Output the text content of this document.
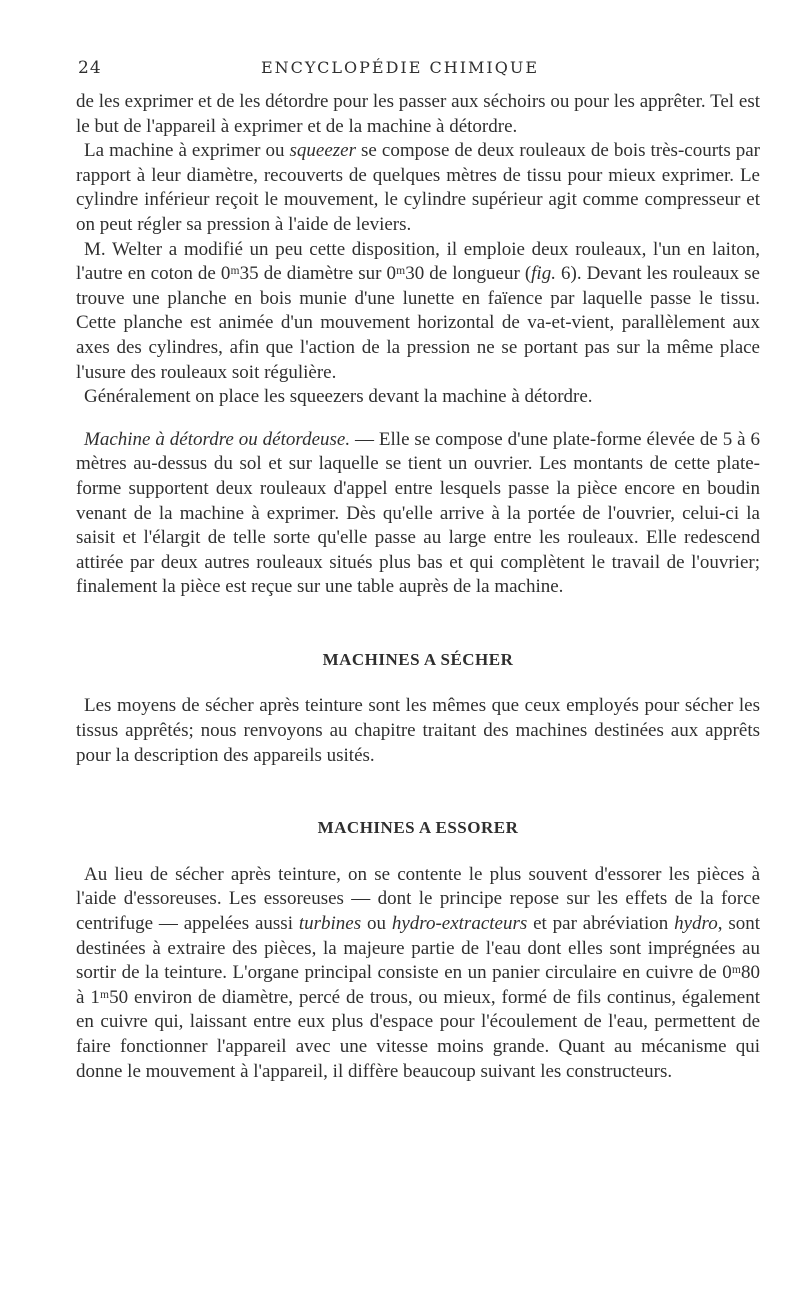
24	ENCYCLOPÉDIE CHIMIQUE

de les exprimer et de les détordre pour les passer aux séchoirs ou pour les apprêter. Tel est le but de l'appareil à exprimer et de la machine à détordre.

La machine à exprimer ou squeezer se compose de deux rouleaux de bois très-courts par rapport à leur diamètre, recouverts de quelques mètres de tissu pour mieux exprimer. Le cylindre inférieur reçoit le mouvement, le cylindre supérieur agit comme compresseur et on peut régler sa pression à l'aide de leviers.

M. Welter a modifié un peu cette disposition, il emploie deux rouleaux, l'un en laiton, l'autre en coton de 0ᵐ35 de diamètre sur 0ᵐ30 de longueur (fig. 6). Devant les rouleaux se trouve une planche en bois munie d'une lunette en faïence par laquelle passe le tissu. Cette planche est animée d'un mouvement horizontal de va-et-vient, parallèlement aux axes des cylindres, afin que l'action de la pression ne se portant pas sur la même place l'usure des rouleaux soit régulière.

Généralement on place les squeezers devant la machine à détordre.

Machine à détordre ou détordeuse. — Elle se compose d'une plate-forme élevée de 5 à 6 mètres au-dessus du sol et sur laquelle se tient un ouvrier. Les montants de cette plate-forme supportent deux rouleaux d'appel entre lesquels passe la pièce encore en boudin venant de la machine à exprimer. Dès qu'elle arrive à la portée de l'ouvrier, celui-ci la saisit et l'élargit de telle sorte qu'elle passe au large entre les rouleaux. Elle redescend attirée par deux autres rouleaux situés plus bas et qui complètent le travail de l'ouvrier; finalement la pièce est reçue sur une table auprès de la machine.

MACHINES A SÉCHER

Les moyens de sécher après teinture sont les mêmes que ceux employés pour sécher les tissus apprêtés; nous renvoyons au chapitre traitant des machines destinées aux apprêts pour la description des appareils usités.

MACHINES A ESSORER

Au lieu de sécher après teinture, on se contente le plus souvent d'essorer les pièces à l'aide d'essoreuses. Les essoreuses — dont le principe repose sur les effets de la force centrifuge — appelées aussi turbines ou hydro-extracteurs et par abréviation hydro, sont destinées à extraire des pièces, la majeure partie de l'eau dont elles sont imprégnées au sortir de la teinture. L'organe principal consiste en un panier circulaire en cuivre de 0ᵐ80 à 1ᵐ50 environ de diamètre, percé de trous, ou mieux, formé de fils continus, également en cuivre qui, laissant entre eux plus d'espace pour l'écoulement de l'eau, permettent de faire fonctionner l'appareil avec une vitesse moins grande. Quant au mécanisme qui donne le mouvement à l'appareil, il diffère beaucoup suivant les constructeurs.
